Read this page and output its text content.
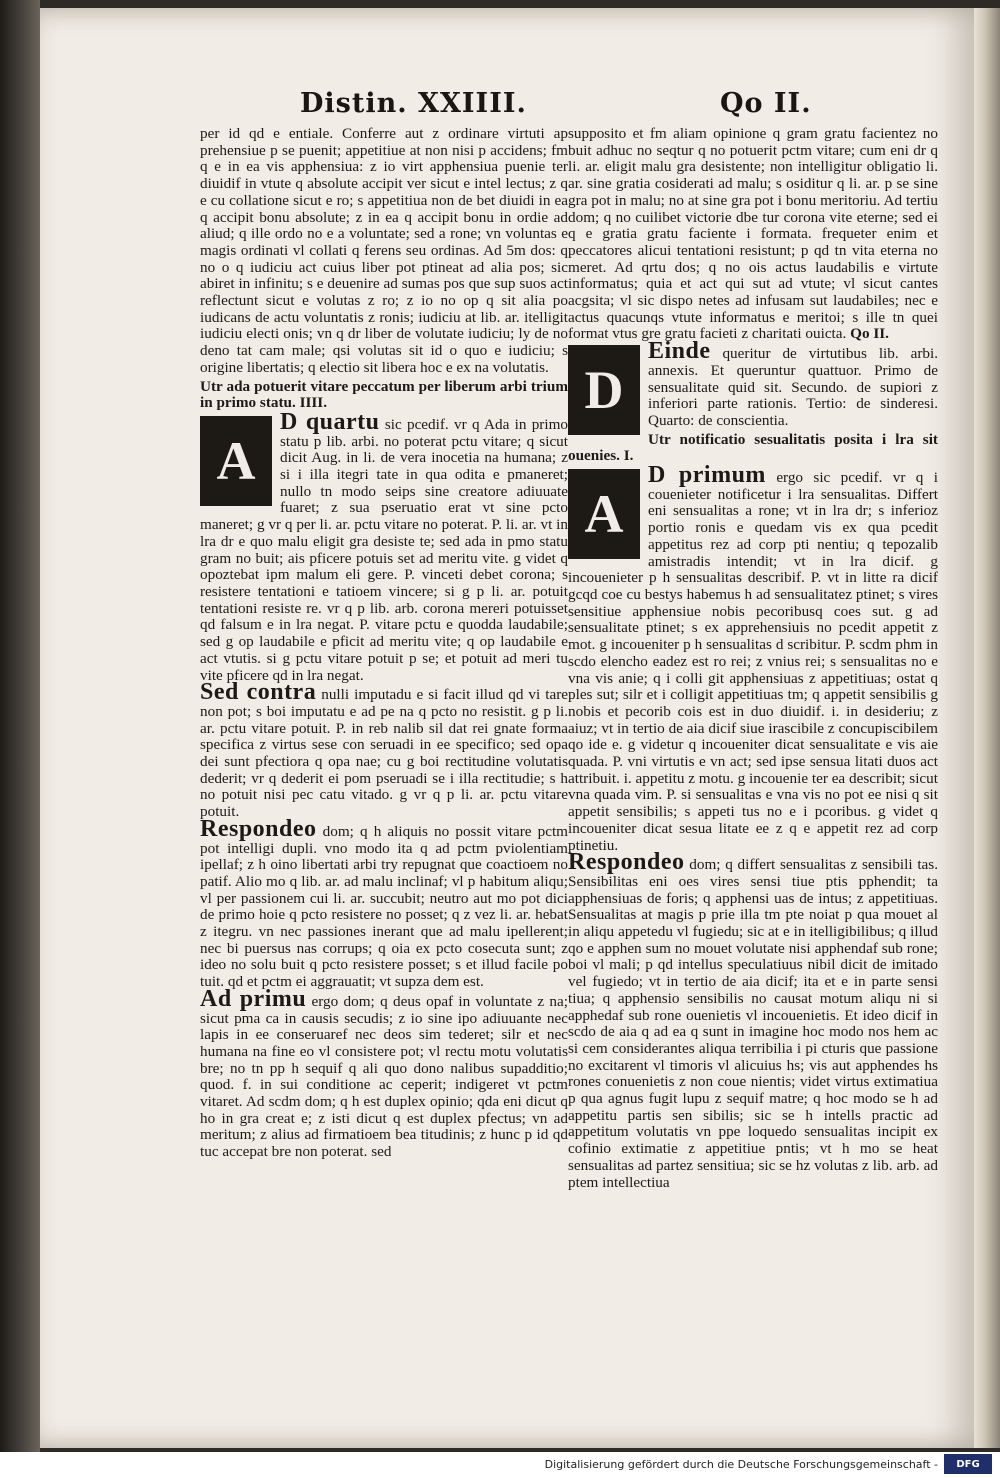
Distin. XXIIII.	Qo II.

per id qd e entiale. Conferre aut z ordinare virtuti ap prehensiue p se puenit; appetitiue at non nisi p accidens; fm q e in ea vis apphensiua: z io virt apphensiua puenie ter diuidif in vtute q absolute accipit ver sicut e intel lectus; z q e cu collatione sicut e ro; s appetitiua non de bet diuidi in ea q accipit bonu absolute; z in ea q accipit bonu in ordie ad aliud; q ille ordo no e a voluntate; sed a rone; vn voluntas e magis ordinati vl collati q ferens seu ordinas. Ad 5m dos: q no o q iudiciu act cuius liber pot ptineat ad alia pos; sic abiret in infinitu; s e deuenire ad sumas pos que sup suos act reflectunt sicut e volutas z ro; z io no op q sit alia po iudicans de actu voluntatis z ronis; iudiciu at lib. ar. itelligit iudiciu electi onis; vn q dr liber de volutate iudiciu; ly de no deno tat cam male; qsi volutas sit id o quo e iudiciu; s origine libertatis; q electio sit libera hoc e ex na volutatis.

Utr ada potuerit vitare peccatum per liberum arbi trium in primo statu. IIII.

A

D quartu sic pcedif. vr q Ada in primo statu p lib. arbi. no poterat pctu vitare; q sicut dicit Aug. in li. de vera inocetia na humana; z si i illa itegri tate in qua odita e pmaneret; nullo tn modo seips sine creatore adiuuate fuaret; z sua pseruatio erat vt sine pcto maneret; g vr q per li. ar. pctu vitare no poterat. P. li. ar. vt in lra dr e quo malu eligit gra desiste te; sed ada in pmo statu gram no buit; ais pficere potuis set ad meritu vite. g videt q opoztebat ipm malum eli gere. P. vinceti debet corona; s resistere tentationi e tatioem vincere; si g p li. ar. potuit tentationi resiste re. vr q p lib. arb. corona mereri potuisset qd falsum e in lra negat. P. vitare pctu e quodda laudabile; sed g op laudabile e pficit ad meritu vite; q op laudabile e act vtutis. si g pctu vitare potuit p se; et potuit ad meri tu vite pficere qd in lra negat.

Sed contra nulli imputadu e si facit illud qd vi tare non pot; s boi imputatu e ad pe na q pcto no resistit. g p li. ar. pctu vitare potuit. P. in reb nalib sil dat rei gnate forma specifica z virtus sese con seruadi in ee specifico; sed opa dei sunt pfectiora q opa nae; cu g boi rectitudine volutatis dederit; vr q dederit ei pom pseruadi se i illa rectitudie; s h no potuit nisi pec catu vitado. g vr q p li. ar. pctu vitare potuit.

Respondeo dom; q h aliquis no possit vitare pctm pot intelligi dupli. vno modo ita q ad pctm pviolentiam ipellaf; z h oino libertati arbi try repugnat que coactioem no patif. Alio mo q lib. ar. ad malu inclinaf; vl p habitum aliqu; vl per passionem cui li. ar. succubit; neutro aut mo pot dici de primo hoie q pcto resistere no posset; q z vez li. ar. hebat z itegru. vn nec passiones inerant que ad malu ipellerent; nec bi puersus nas corrups; q oia ex pcto cosecuta sunt; z ideo no solu buit q pcto resistere posset; s et illud facile po tuit. qd et pctm ei aggrauatit; vt supza dem est.

Ad primu ergo dom; q deus opaf in voluntate z na; sicut pma ca in causis secudis; z io sine ipo adiuuante nec lapis in ee conseruaref nec deos sim tederet; silr et nec humana na fine eo vl consistere pot; vl rectu motu volutatis bre; no tn pp h sequif q ali quo dono nalibus supadditio; quod. f. in sui conditione ac ceperit; indigeret vt pctm vitaret. Ad scdm dom; q h est duplex opinio; qda eni dicut q ho in gra creat e; z isti dicut q est duplex pfectus; vn ad meritum; z alius ad firmatioem bea titudinis; z hunc p id qd tuc accepat bre non poterat. sed

supposito et fm aliam opinione q gram gratu facientez no buit adhuc no seqtur q no potuerit pctm vitare; cum eni dr q li. ar. eligit malu gra desistente; non intelligitur obligatio li. ar. sine gratia cosiderati ad malu; s osiditur q li. ar. p se sine gra pot in malu; no at sine gra pot i bonu meritoriu. Ad tertiu dom; q no cuilibet victorie dbe tur corona vite eterne; sed ei q e gratia gratu faciente i formata. frequeter enim et peccatores alicui tentationi resistunt; p qd tn vita eterna no meret. Ad qrtu dos; q no ois actus laudabilis e virtute informatus; quia et act qui sut ad vtute; vl sicut cantes acgsita; vl sic dispo netes ad infusam sut laudabiles; nec e actus quacunqs vtute informatus e meritoi; s ille tn quei format vtus gre gratu facieti z charitati ouicta. Qo II.

D

Einde queritur de virtutibus lib. arbi. annexis. Et queruntur quattuor. Primo de sensualitate quid sit. Secundo. de supiori z inferiori parte rationis. Tertio: de sinderesi. Quarto: de conscientia.

Utr notificatio sesualitatis posita i lra sit ouenies. I.

A

D primum ergo sic pcedif. vr q i couenieter notificetur i lra sensualitas. Differt eni sensualitas a rone; vt in lra dr; s inferioz portio ronis e quedam vis ex qua pcedit appetitus rez ad corp pti nentiu; q tepozalib amistradis intendit; vt in lra dicif. g incouenieter p h sensualitas describif. P. vt in litte ra dicif gcqd coe cu bestys habemus h ad sensualitatez ptinet; s vires sensitiue apphensiue nobis pecoribusq coes sut. g ad sensualitate ptinet; s ex apprehensiuis no pcedit appetit z mot. g incoueniter p h sensualitas d scribitur. P. scdm phm in scdo elencho eadez est ro rei; z vnius rei; s sensualitas no e vna vis anie; q i colli git apphensiuas z appetitiuas; ostat q ples sut; silr et i colligit appetitiuas tm; q appetit sensibilis g nobis et pecorib cois est in duo diuidif. i. in desideriu; z aiuz; vt in tertio de aia dicif siue irascibile z concupiscibilem qo ide e. g videtur q incoueniter dicat sensualitate e vis aie quada. P. vni virtutis e vn act; sed ipse sensua litati duos act attribuit. i. appetitu z motu. g incouenie ter ea describit; sicut vna quada vim. P. si sensualitas e vna vis no pot ee nisi q sit appetit sensibilis; s appeti tus no e i pcoribus. g videt q incoueniter dicat sesua litate ee z q e appetit rez ad corp ptinetiu.

Respondeo dom; q differt sensualitas z sensibili tas. Sensibilitas eni oes vires sensi tiue ptis pphendit; ta apphensiuas de foris; q apphensi uas de intus; z appetitiuas. Sensualitas at magis p prie illa tm pte noiat p qua mouet al in aliqu appetedu vl fugiedu; sic at e in itelligibilibus; q illud qo e apphen sum no mouet volutate nisi apphendaf sub rone; boi vl mali; p qd intellus speculatiuus nibil dicit de imitado vel fugiedo; vt in tertio de aia dicif; ita et e in parte sensi tiua; q apphensio sensibilis no causat motum aliqu ni si apphedaf sub rone ouenietis vl incouenietis. Et ideo dicif in scdo de aia q ad ea q sunt in imagine hoc modo nos hem ac si cem considerantes aliqua terribilia i pi cturis que passione no excitarent vl timoris vl alicuius hs; vis aut apphendes hs rones conuenietis z non coue nientis; videt virtus extimatiua p qua agnus fugit lupu z sequif matre; q hoc modo se h ad appetitu partis sen sibilis; sic se h intells practic ad appetitum volutatis vn ppe loquedo sensualitas incipit ex cofinio extimatie z appetitiue pntis; vt h mo se heat sensualitas ad partez sensitiua; sic se hz volutas z lib. arb. ad ptem intellectiua

Digitalisierung gefördert durch die Deutsche Forschungsgemeinschaft -	DFG
